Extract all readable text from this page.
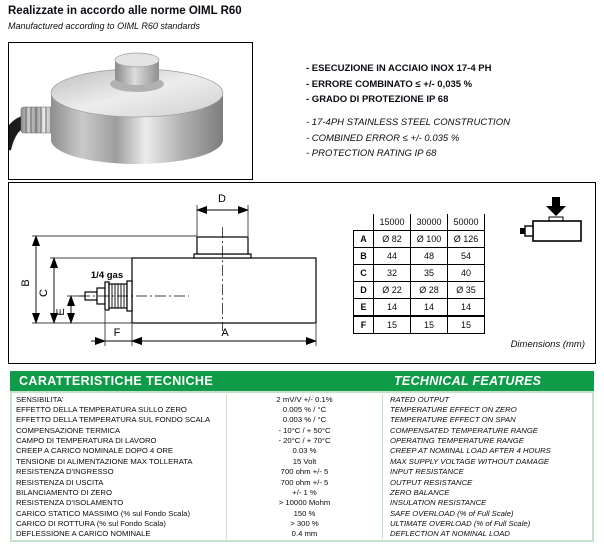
Realizzate in accordo alle norme OIML R60
Manufactured according to OIML R60 standards
- ESECUZIONE IN ACCIAIO INOX 17-4 PH
- ERRORE COMBINATO ≤ +/- 0,035 %
- GRADO DI PROTEZIONE IP 68
- 17-4PH STAINLESS STEEL CONSTRUCTION
- COMBINED ERROR ≤ +/- 0.035 %
- PROTECTION RATING IP 68
D
B
C
E
F	A
1/4 gas
	15000	30000	50000
A	Ø 82	Ø 100	Ø 126
B	44	48	54
C	32	35	40
D	Ø 22	Ø 28	Ø 35
E	14	14	14
F	15	15	15
Dimensions (mm)
CARATTERISTICHE TECNICHE	TECHNICAL FEATURES
SENSIBILITA'	2 mV/V +/- 0.1%	RATED OUTPUT
EFFETTO DELLA TEMPERATURA SULLO ZERO	0.005 % / °C	TEMPERATURE EFFECT ON ZERO
EFFETTO DELLA TEMPERATURA SUL FONDO SCALA	0.003 % / °C	TEMPERATURE EFFECT ON SPAN
COMPENSAZIONE TERMICA	- 10°C / + 50°C	COMPENSATED TEMPERATURE RANGE
CAMPO DI TEMPERATURA DI LAVORO	- 20°C / + 70°C	OPERATING TEMPERATURE RANGE
CREEP A CARICO NOMINALE DOPO 4 ORE	0.03 %	CREEP AT NOMINAL LOAD AFTER 4 HOURS
TENSIONE DI ALIMENTAZIONE MAX TOLLERATA	15 Volt	MAX SUPPLY VOLTAGE WITHOUT DAMAGE
RESISTENZA D'INGRESSO	700 ohm +/- 5	INPUT RESISTANCE
RESISTENZA DI USCITA	700 ohm +/- 5	OUTPUT RESISTANCE
BILANCIAMENTO DI ZERO	+/- 1 %	ZERO BALANCE
RESISTENZA D'ISOLAMENTO	> 10000 Mohm	INSULATION RESISTANCE
CARICO STATICO MASSIMO (% sul Fondo Scala)	150 %	SAFE OVERLOAD (% of Full Scale)
CARICO DI ROTTURA (% sul Fondo Scala)	> 300 %	ULTIMATE OVERLOAD (% of Full Scale)
DEFLESSIONE A CARICO NOMINALE	0.4 mm	DEFLECTION AT NOMINAL LOAD
